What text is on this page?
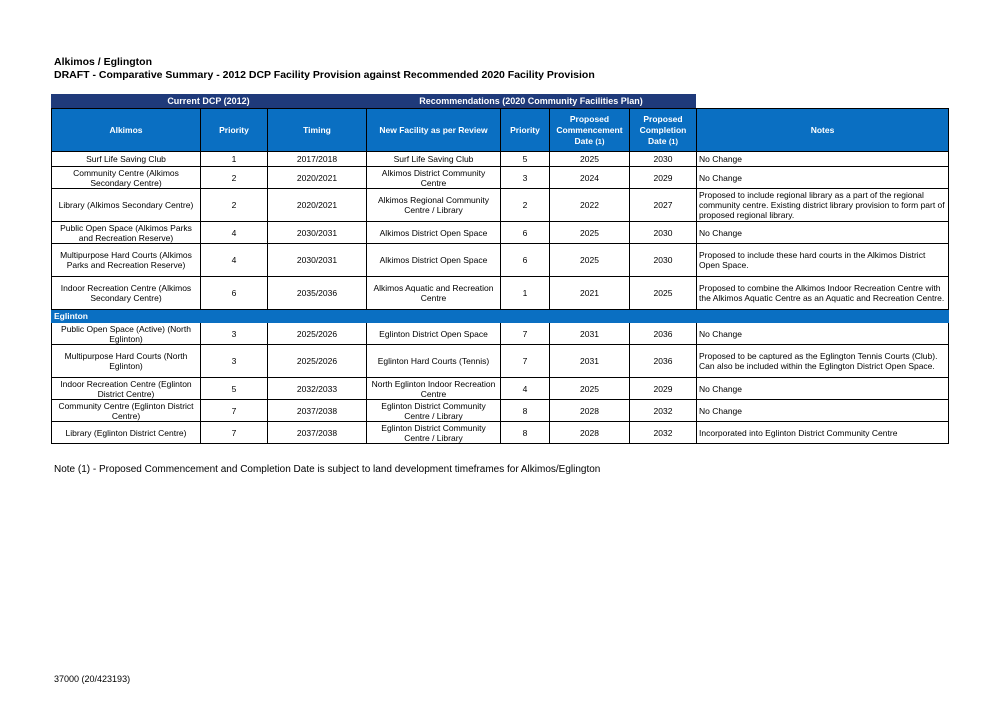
Alkimos / Eglington
DRAFT - Comparative Summary - 2012 DCP Facility Provision against Recommended 2020 Facility Provision
Current DCP (2012)	Recommendations (2020 Community Facilities Plan)
Alkimos	Priority	Timing	New Facility as per Review	Priority	Proposed Commencement Date (1)	Proposed Completion Date (1)	Notes
Surf Life Saving Club	1	2017/2018	Surf Life Saving Club	5	2025	2030	No Change
Community Centre (Alkimos Secondary Centre)	2	2020/2021	Alkimos District Community Centre	3	2024	2029	No Change
Library (Alkimos Secondary Centre)	2	2020/2021	Alkimos Regional Community Centre / Library	2	2022	2027	Proposed to include regional library as a part of the regional community centre. Existing district library provision to form part of proposed regional library.
Public Open Space (Alkimos Parks and Recreation Reserve)	4	2030/2031	Alkimos District Open Space	6	2025	2030	No Change
Multipurpose Hard Courts (Alkimos Parks and Recreation Reserve)	4	2030/2031	Alkimos District Open Space	6	2025	2030	Proposed to include these hard courts in the Alkimos District Open Space.
Indoor Recreation Centre (Alkimos Secondary Centre)	6	2035/2036	Alkimos Aquatic and Recreation Centre	1	2021	2025	Proposed to combine the Alkimos Indoor Recreation Centre with the Alkimos Aquatic Centre as an Aquatic and Recreation Centre.
Eglinton							
Public Open Space (Active) (North Eglinton)	3	2025/2026	Eglinton District Open Space	7	2031	2036	No Change
Multipurpose Hard Courts (North Eglinton)	3	2025/2026	Eglinton Hard Courts (Tennis)	7	2031	2036	Proposed to be captured as the Eglington Tennis Courts (Club). Can also be included within the Eglington District Open Space.
Indoor Recreation Centre (Eglinton District Centre)	5	2032/2033	North Eglinton Indoor Recreation Centre	4	2025	2029	No Change
Community Centre (Eglinton District Centre)	7	2037/2038	Eglinton District Community Centre / Library	8	2028	2032	No Change
Library (Eglinton District Centre)	7	2037/2038	Eglinton District Community Centre / Library	8	2028	2032	Incorporated into Eglinton District Community Centre
Note (1) - Proposed Commencement and Completion Date is subject to land development timeframes for Alkimos/Eglington
37000 (20/423193)
